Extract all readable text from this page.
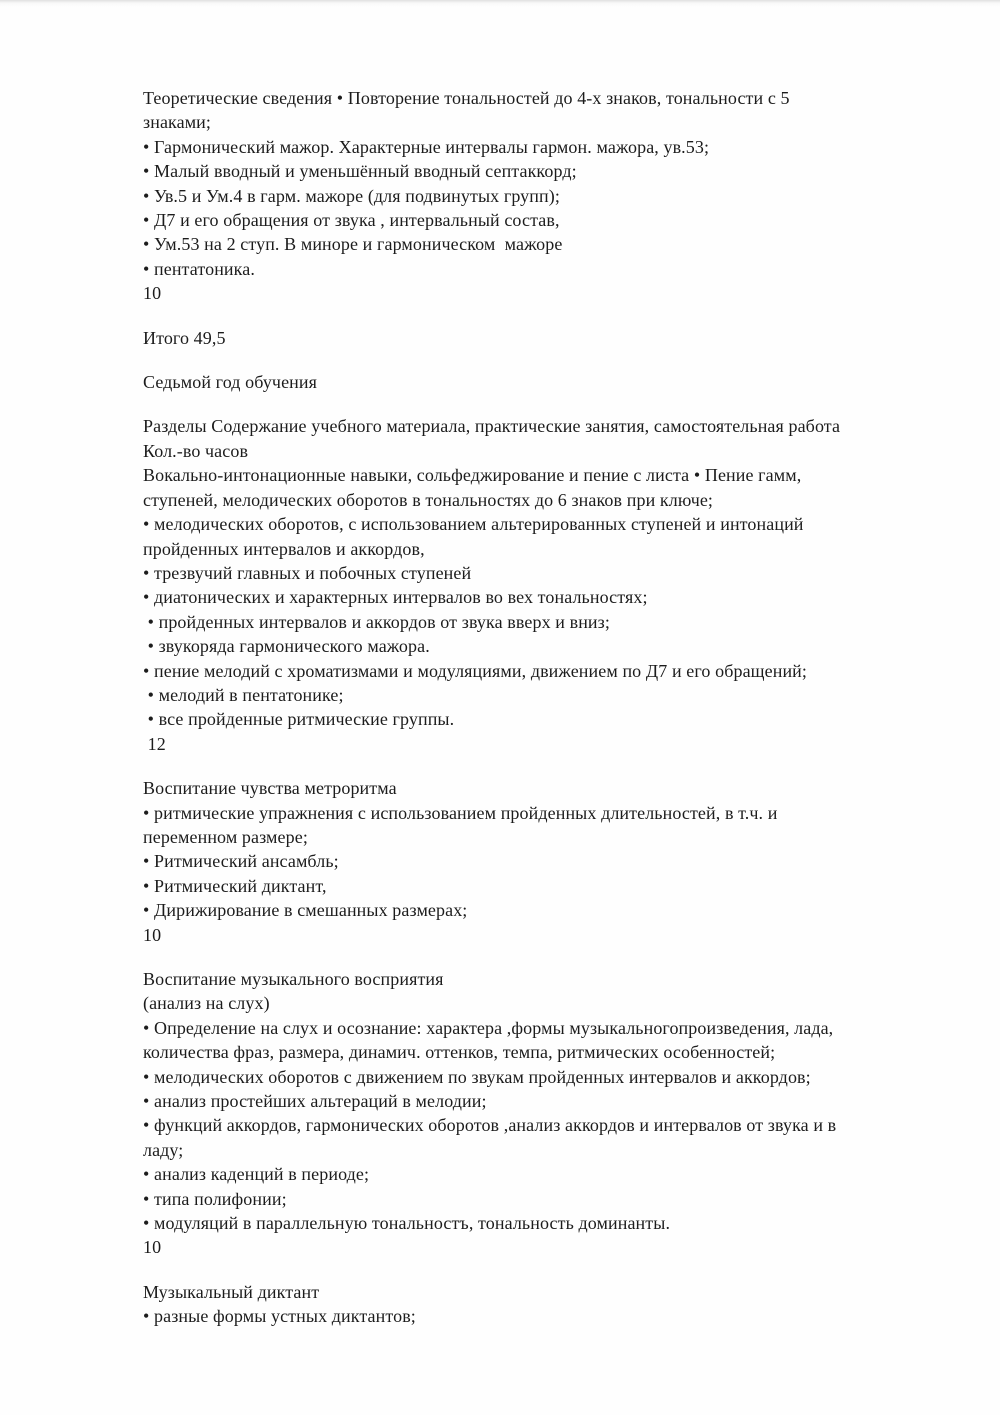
Теоретические сведения • Повторение тональностей до 4-х знаков, тональности с 5
знаками;
• Гармонический мажор. Характерные интервалы гармон. мажора, ув.53;
• Малый вводный и уменьшённый вводный септаккорд;
• Ув.5 и Ум.4 в гарм. мажоре (для подвинутых групп);
• Д7 и его обращения от звука , интервальный состав,
• Ум.53 на 2 ступ. В миноре и гармоническом  мажоре
• пентатоника.
10
Итого 49,5
Седьмой год обучения
Разделы Содержание учебного материала, практические занятия, самостоятельная работа
Кол.-во часов
Вокально-интонационные навыки, сольфеджирование и пение с листа • Пение гамм,
ступеней, мелодических оборотов в тональностях до 6 знаков при ключе;
• мелодических оборотов, с использованием альтерированных ступеней и интонаций
пройденных интервалов и аккордов,
• трезвучий главных и побочных ступеней
• диатонических и характерных интервалов во вех тональностях;
• пройденных интервалов и аккордов от звука вверх и вниз;
• звукоряда гармонического мажора.
• пение мелодий с хроматизмами и модуляциями, движением по Д7 и его обращений;
• мелодий в пентатонике;
• все пройденные ритмические группы.
12
Воспитание чувства метроритма
• ритмические упражнения с использованием пройденных длительностей, в т.ч. и
переменном размере;
• Ритмический ансамбль;
• Ритмический диктант,
• Дирижирование в смешанных размерах;
10
Воспитание музыкального восприятия
(анализ на слух)
• Определение на слух и осознание: характера ,формы музыкальногопроизведения, лада,
количества фраз, размера, динамич. оттенков, темпа, ритмических особенностей;
• мелодических оборотов с движением по звукам пройденных интервалов и аккордов;
• анализ простейших альтераций в мелодии;
• функций аккордов, гармонических оборотов ,анализ аккордов и интервалов от звука и в
ладу;
• анализ каденций в периоде;
• типа полифонии;
• модуляций в параллельную тональностъ, тональность доминанты.
10
Музыкальный диктант
• разные формы устных диктантов;
